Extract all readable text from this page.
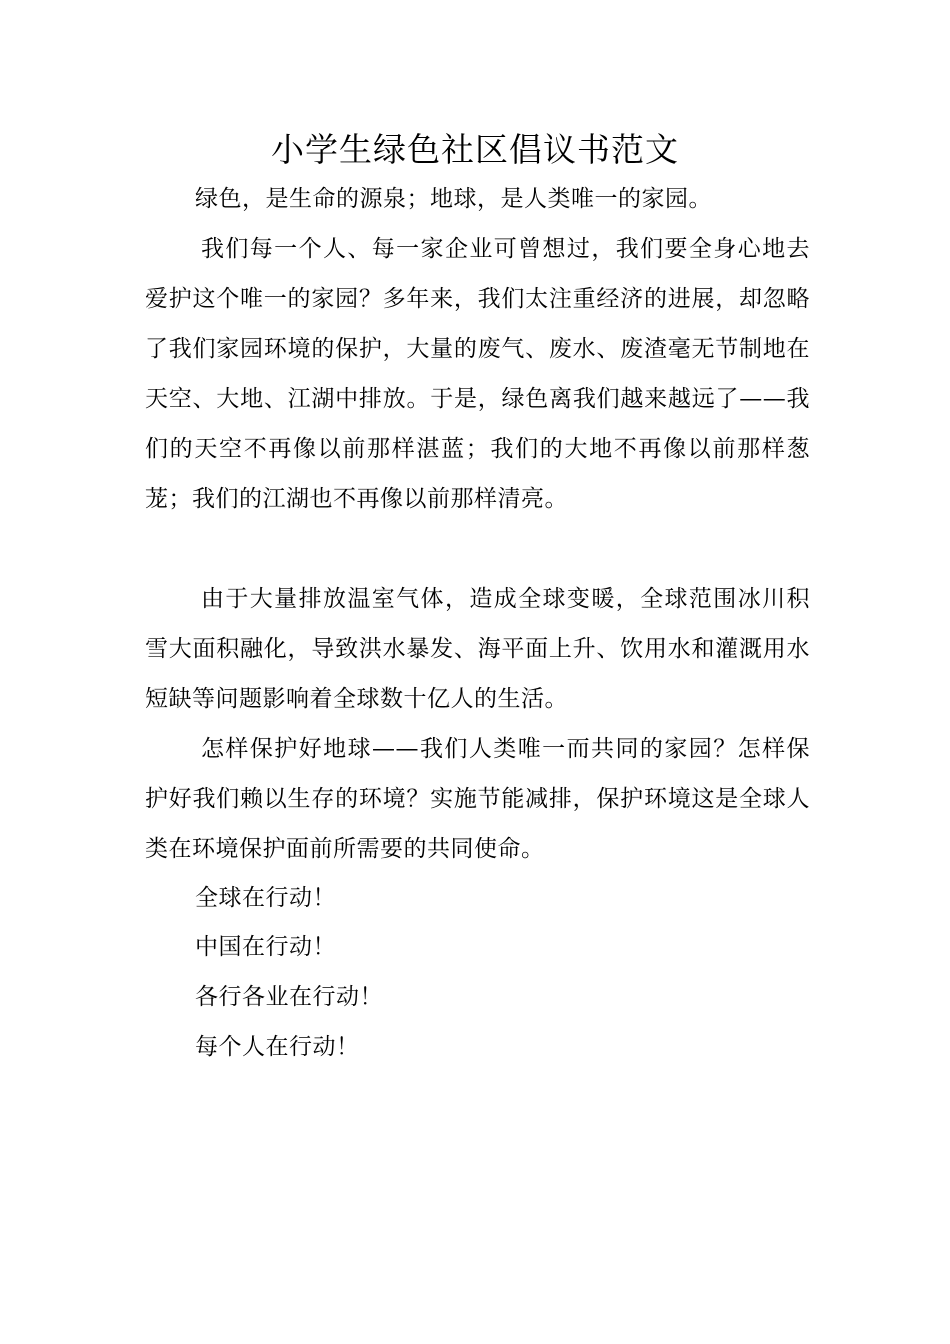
小学生绿色社区倡议书范文
绿色，是生命的源泉；地球，是人类唯一的家园。

我们每一个人、每一家企业可曾想过，我们要全身心地去爱护这个唯一的家园？多年来，我们太注重经济的进展，却忽略了我们家园环境的保护，大量的废气、废水、废渣毫无节制地在天空、大地、江湖中排放。于是，绿色离我们越来越远了——我们的天空不再像以前那样湛蓝；我们的大地不再像以前那样葱茏；我们的江湖也不再像以前那样清亮。

由于大量排放温室气体，造成全球变暖，全球范围冰川积雪大面积融化，导致洪水暴发、海平面上升、饮用水和灌溉用水短缺等问题影响着全球数十亿人的生活。

怎样保护好地球——我们人类唯一而共同的家园？怎样保护好我们赖以生存的环境？实施节能减排，保护环境这是全球人类在环境保护面前所需要的共同使命。

全球在行动！
中国在行动！
各行各业在行动！
每个人在行动！
